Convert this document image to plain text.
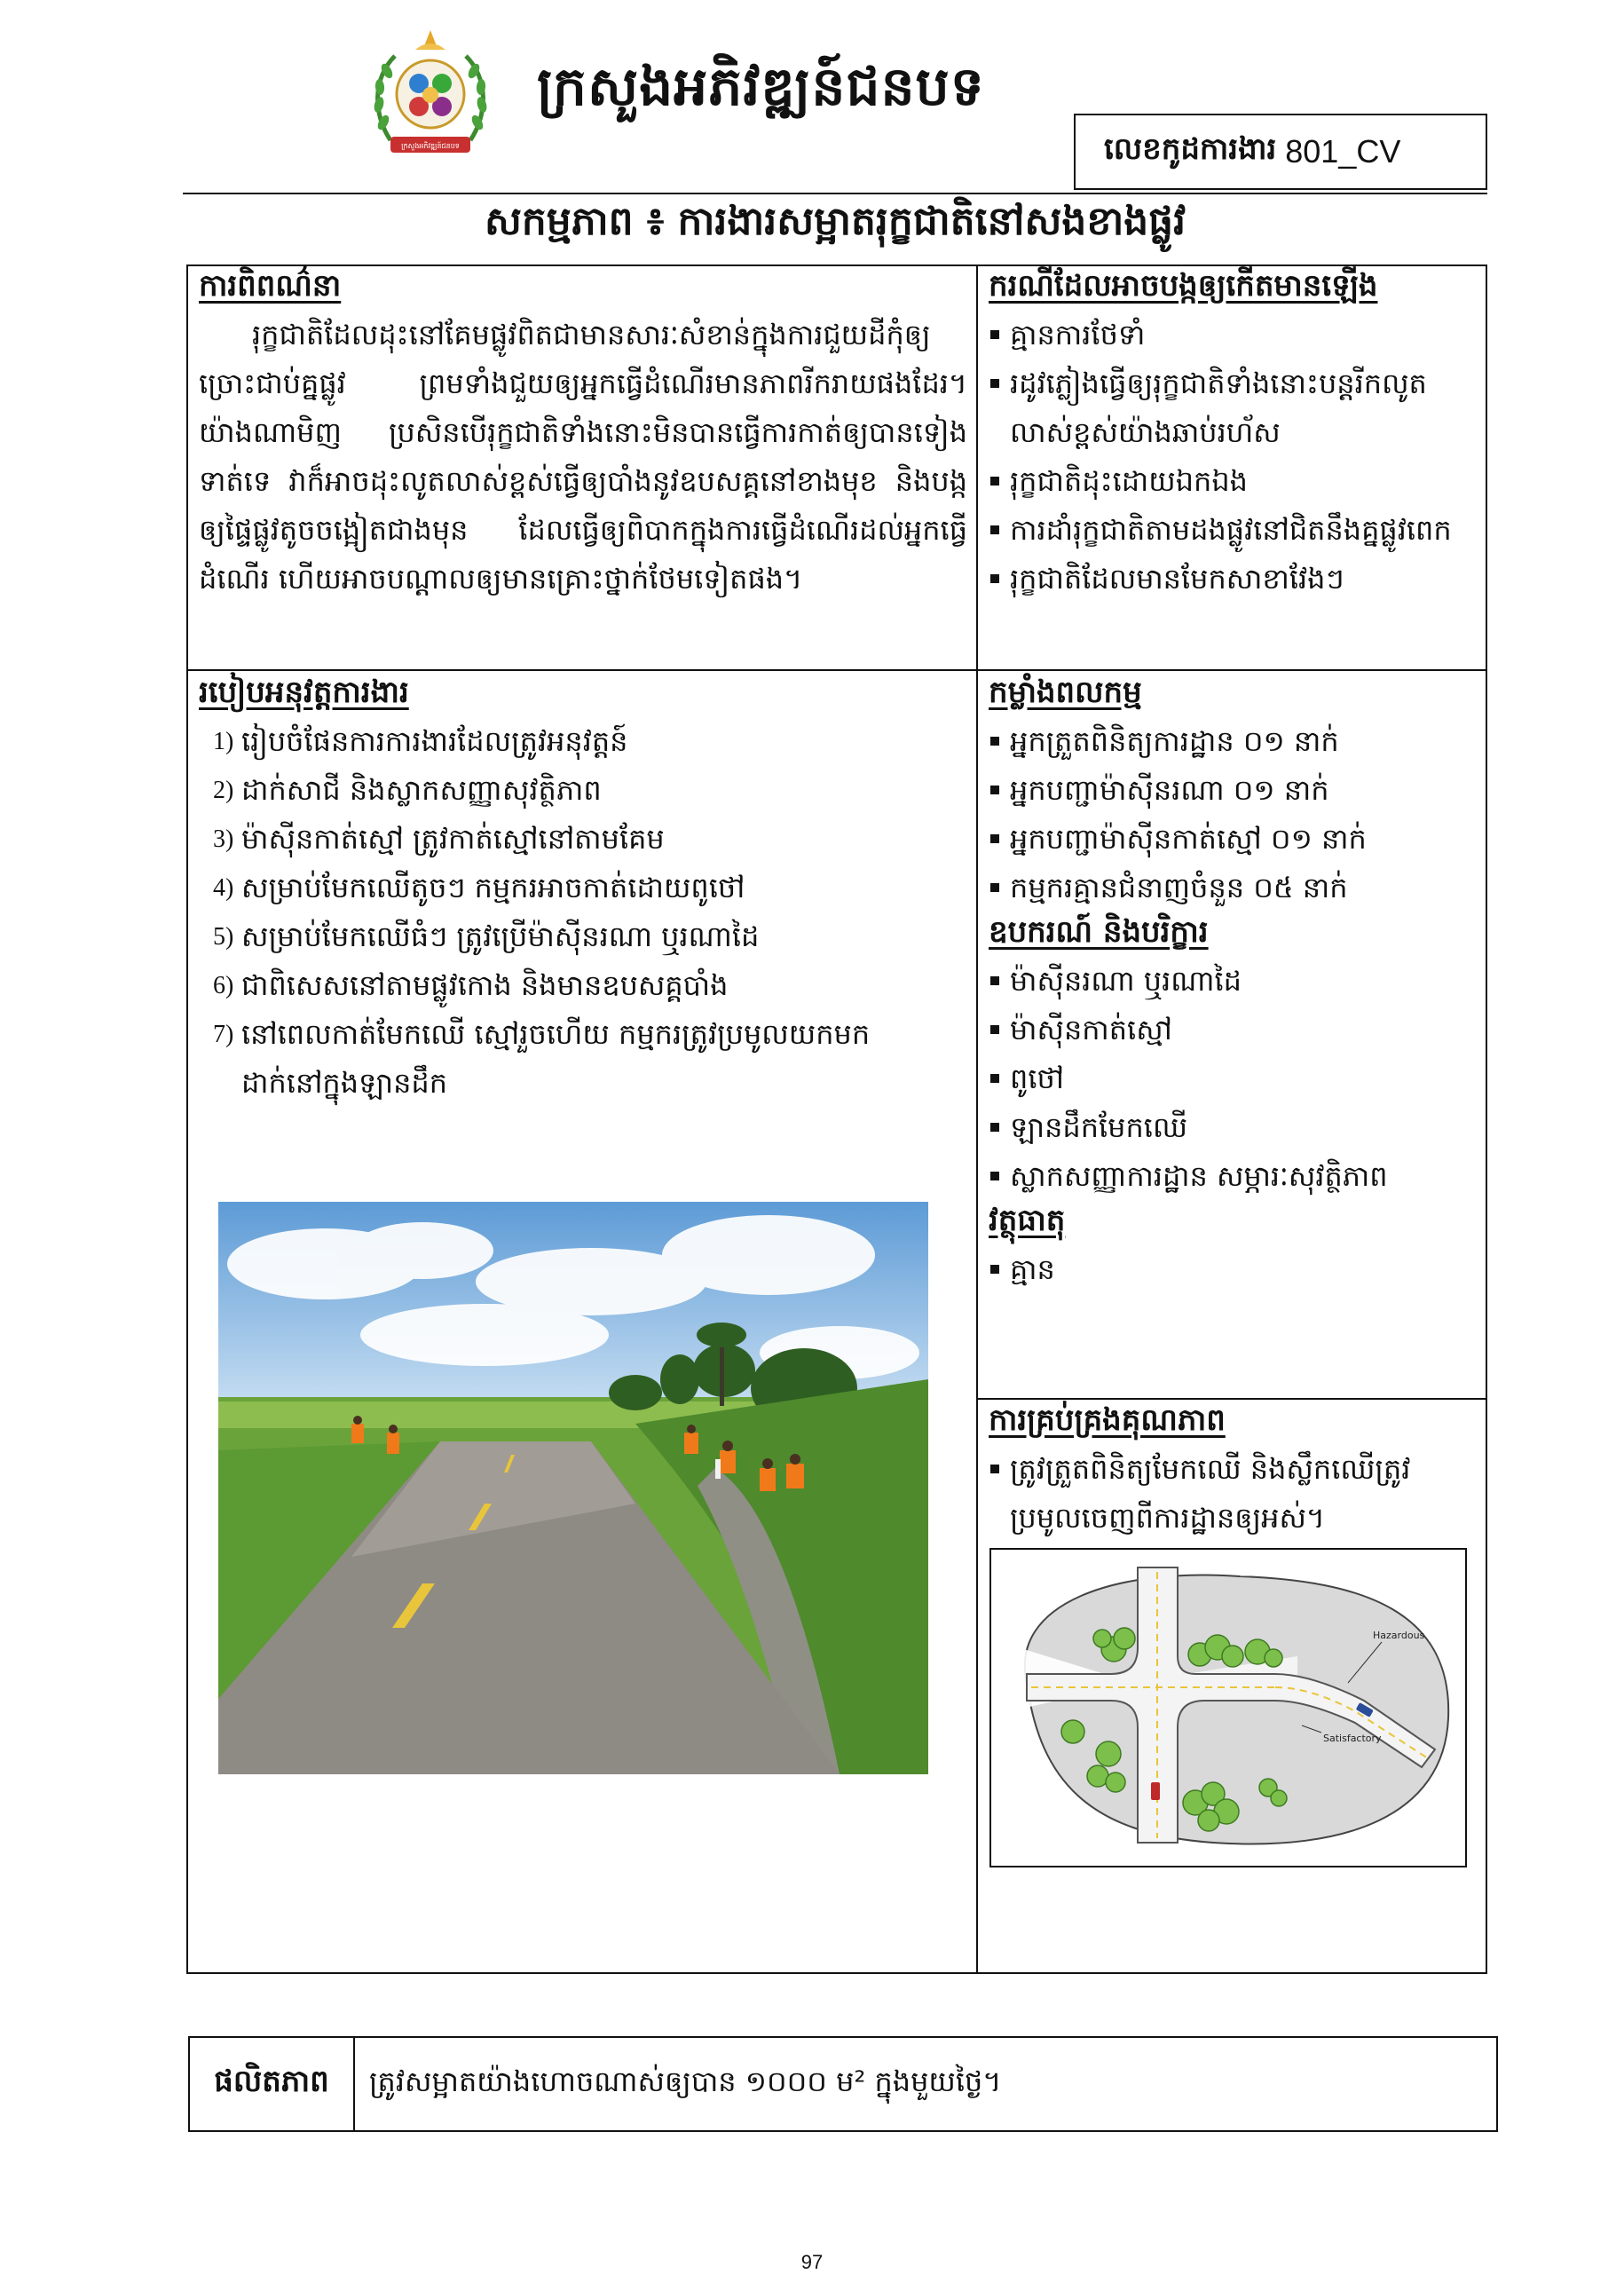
ក្រសួងអភិវឌ្ឍន៍ជនបទ
ក្រសួងអភិវឌ្ឍន៍ជនបទ
លេខកូដការងារ 801_CV
សកម្មភាព ៖ ការងារសម្អាតរុក្ខជាតិនៅសងខាងផ្លូវ
ការពិពណ៌នា
រុក្ខជាតិដែលដុះនៅគែមផ្លូវពិតជាមានសារៈសំខាន់ក្នុងការជួយដីកុំឲ្យច្រោះជាប់គ្នផ្លូវ ព្រមទាំងជួយឲ្យអ្នកធ្វើដំណើរមានភាពរីករាយផងដែរ។ យ៉ាងណាមិញ ប្រសិនបើរុក្ខជាតិទាំងនោះមិនបានធ្វើការកាត់ឲ្យបានទៀងទាត់ទេ វាក៏អាចដុះលូតលាស់ខ្ពស់ធ្វើឲ្យបាំងនូវឧបសគ្គនៅខាងមុខ និងបង្កឲ្យផ្ទៃផ្លូវតូចចង្អៀតជាងមុន ដែលធ្វើឲ្យពិបាកក្នុងការធ្វើដំណើរដល់អ្នកធ្វើដំណើរ ហើយអាចបណ្តាលឲ្យមានគ្រោះថ្នាក់ថែមទៀតផង។
ករណីដែលអាចបង្កឲ្យកើតមានឡើង
គ្មានការថែទាំ
រដូវភ្លៀងធ្វើឲ្យរុក្ខជាតិទាំងនោះបន្តរីកលូតលាស់ខ្ពស់យ៉ាងឆាប់រហ័ស
រុក្ខជាតិដុះដោយឯកឯង
ការដាំរុក្ខជាតិតាមដងផ្លូវនៅជិតនឹងគ្នផ្លូវពេក
រុក្ខជាតិដែលមានមែកសាខាវែងៗ
របៀបអនុវត្តការងារ
1) រៀបចំផែនការការងារដែលត្រូវអនុវត្តន៍
2) ដាក់សាជី និងស្លាកសញ្ញាសុវត្ថិភាព
3) ម៉ាស៊ីនកាត់ស្មៅ ត្រូវកាត់ស្មៅនៅតាមគែម
4) សម្រាប់មែកឈើតូចៗ កម្មករអាចកាត់ដោយពូថៅ
5) សម្រាប់មែកឈើធំៗ ត្រូវប្រើម៉ាស៊ីនរណា ឬរណាដៃ
6) ជាពិសេសនៅតាមផ្លូវកោង និងមានឧបសគ្គបាំង
7) នៅពេលកាត់មែកឈើ ស្មៅរួចហើយ កម្មករត្រូវប្រមូលយកមកដាក់នៅក្នុងឡានដឹក
កម្លាំងពលកម្ម
អ្នកត្រួតពិនិត្យការដ្ឋាន ០១ នាក់
អ្នកបញ្ជាម៉ាស៊ីនរណា ០១ នាក់
អ្នកបញ្ជាម៉ាស៊ីនកាត់ស្មៅ ០១ នាក់
កម្មករគ្មានជំនាញចំនួន ០៥ នាក់
ឧបករណ៍ និងបរិក្ខារ
ម៉ាស៊ីនរណា ឬរណាដៃ
ម៉ាស៊ីនកាត់ស្មៅ
ពូថៅ
ឡានដឹកមែកឈើ
ស្លាកសញ្ញាការដ្ឋាន សម្ភារៈសុវត្ថិភាព
វត្ថុធាតុ
គ្មាន
ការគ្រប់គ្រងគុណភាព
ត្រូវត្រួតពិនិត្យមែកឈើ និងស្លឹកឈើត្រូវប្រមូលចេញពីការដ្ឋានឲ្យអស់។
Hazardous
Satisfactory
ផលិតភាព	ត្រូវសម្អាតយ៉ាងហោចណាស់ឲ្យបាន ១០០០ ម² ក្នុងមួយថ្ងៃ។
97
